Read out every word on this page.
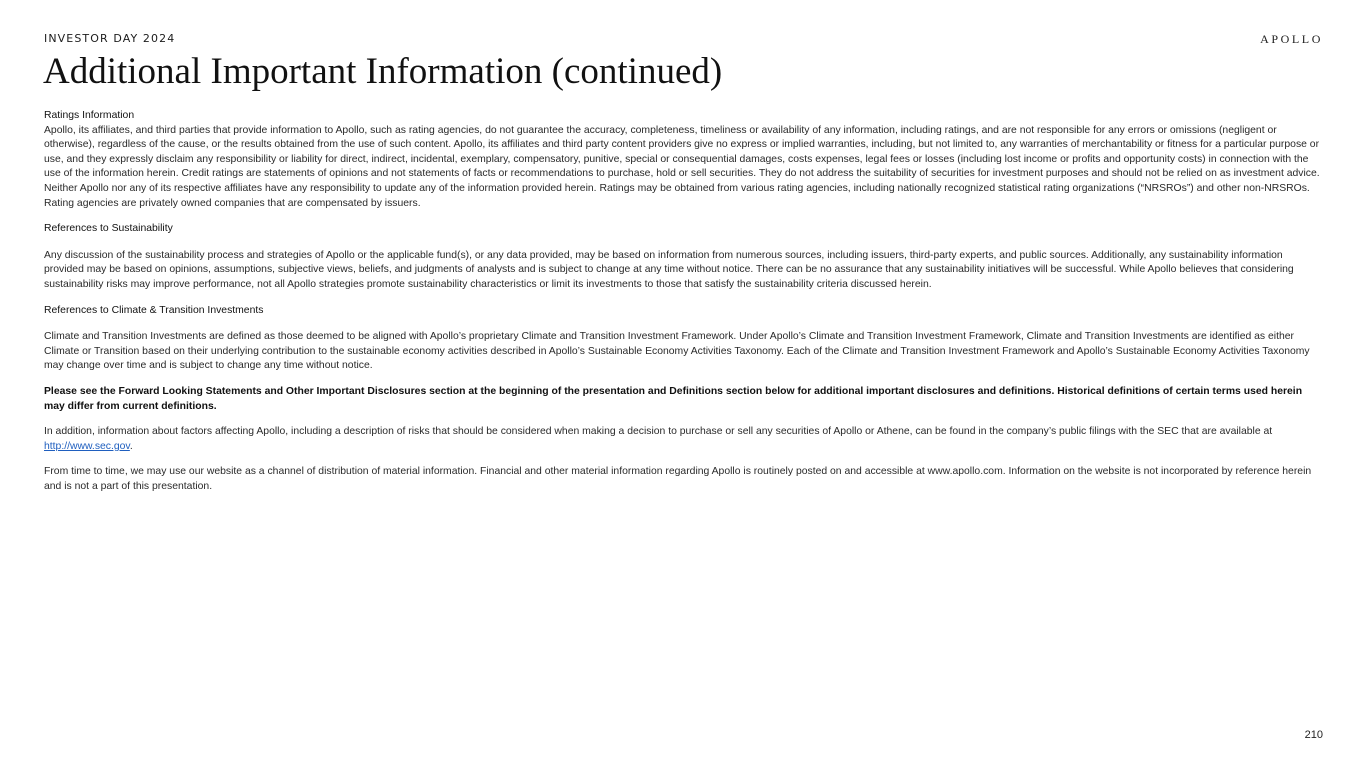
INVESTOR DAY 2024	APOLLO
Additional Important Information (continued)

Ratings Information

Apollo, its affiliates, and third parties that provide information to Apollo, such as rating agencies, do not guarantee the accuracy, completeness, timeliness or availability of any information, including ratings, and are not responsible for any errors or omissions (negligent or otherwise), regardless of the cause, or the results obtained from the use of such content. Apollo, its affiliates and third party content providers give no express or implied warranties, including, but not limited to, any warranties of merchantability or fitness for a particular purpose or use, and they expressly disclaim any responsibility or liability for direct, indirect, incidental, exemplary, compensatory, punitive, special or consequential damages, costs expenses, legal fees or losses (including lost income or profits and opportunity costs) in connection with the use of the information herein. Credit ratings are statements of opinions and not statements of facts or recommendations to purchase, hold or sell securities. They do not address the suitability of securities for investment purposes and should not be relied on as investment advice. Neither Apollo nor any of its respective affiliates have any responsibility to update any of the information provided herein. Ratings may be obtained from various rating agencies, including nationally recognized statistical rating organizations (“NRSROs”) and other non-NRSROs. Rating agencies are privately owned companies that are compensated by issuers.

References to Sustainability

Any discussion of the sustainability process and strategies of Apollo or the applicable fund(s), or any data provided, may be based on information from numerous sources, including issuers, third-party experts, and public sources. Additionally, any sustainability information provided may be based on opinions, assumptions, subjective views, beliefs, and judgments of analysts and is subject to change at any time without notice. There can be no assurance that any sustainability initiatives will be successful. While Apollo believes that considering sustainability risks may improve performance, not all Apollo strategies promote sustainability characteristics or limit its investments to those that satisfy the sustainability criteria discussed herein.

References to Climate & Transition Investments

Climate and Transition Investments are defined as those deemed to be aligned with Apollo’s proprietary Climate and Transition Investment Framework. Under Apollo’s Climate and Transition Investment Framework, Climate and Transition Investments are identified as either Climate or Transition based on their underlying contribution to the sustainable economy activities described in Apollo’s Sustainable Economy Activities Taxonomy. Each of the Climate and Transition Investment Framework and Apollo’s Sustainable Economy Activities Taxonomy may change over time and is subject to change any time without notice.

Please see the Forward Looking Statements and Other Important Disclosures section at the beginning of the presentation and Definitions section below for additional important disclosures and definitions. Historical definitions of certain terms used herein may differ from current definitions.

In addition, information about factors affecting Apollo, including a description of risks that should be considered when making a decision to purchase or sell any securities of Apollo or Athene, can be found in the company’s public filings with the SEC that are available at http://www.sec.gov.

From time to time, we may use our website as a channel of distribution of material information. Financial and other material information regarding Apollo is routinely posted on and accessible at www.apollo.com. Information on the website is not incorporated by reference herein and is not a part of this presentation.

210
